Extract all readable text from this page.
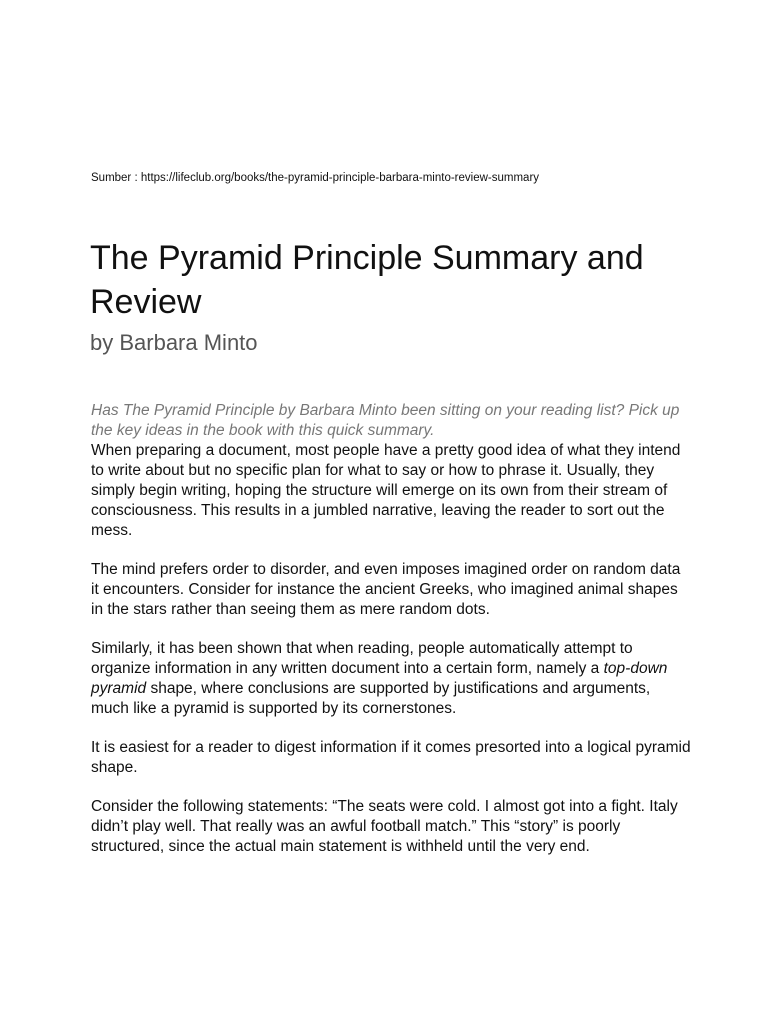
Sumber : https://lifeclub.org/books/the-pyramid-principle-barbara-minto-review-summary
The Pyramid Principle Summary and Review
by Barbara Minto

Has The Pyramid Principle by Barbara Minto been sitting on your reading list? Pick up the key ideas in the book with this quick summary.

When preparing a document, most people have a pretty good idea of what they intend to write about but no specific plan for what to say or how to phrase it. Usually, they simply begin writing, hoping the structure will emerge on its own from their stream of consciousness. This results in a jumbled narrative, leaving the reader to sort out the mess.

The mind prefers order to disorder, and even imposes imagined order on random data it encounters. Consider for instance the ancient Greeks, who imagined animal shapes in the stars rather than seeing them as mere random dots.

Similarly, it has been shown that when reading, people automatically attempt to organize information in any written document into a certain form, namely a top-down pyramid shape, where conclusions are supported by justifications and arguments, much like a pyramid is supported by its cornerstones.

It is easiest for a reader to digest information if it comes presorted into a logical pyramid shape.

Consider the following statements: “The seats were cold. I almost got into a fight. Italy didn’t play well. That really was an awful football match.” This “story” is poorly structured, since the actual main statement is withheld until the very end.
